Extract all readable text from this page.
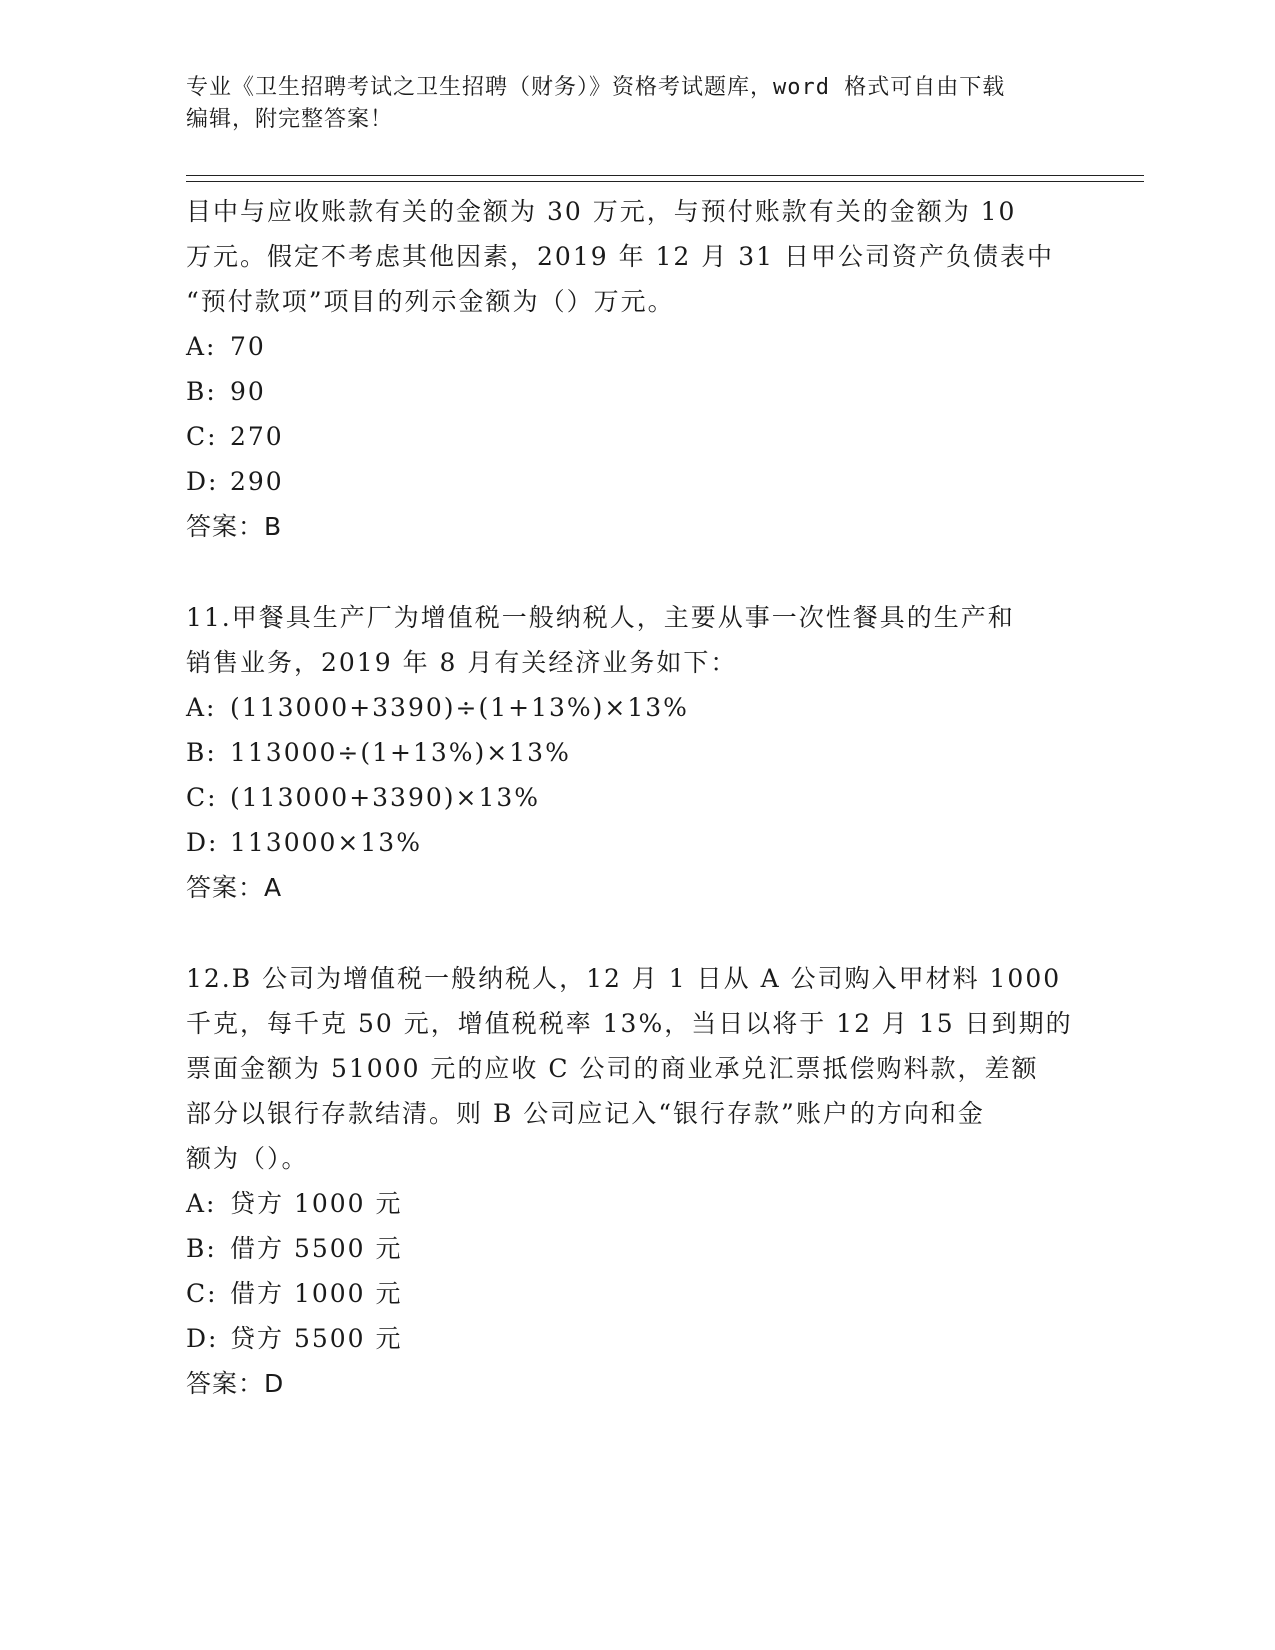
专业《卫生招聘考试之卫生招聘（财务）》资格考试题库，word 格式可自由下载
编辑，附完整答案！
目中与应收账款有关的金额为 30 万元，与预付账款有关的金额为 10
万元。假定不考虑其他因素，2019 年 12 月 31 日甲公司资产负债表中
“预付款项”项目的列示金额为（）万元。
A: 70
B: 90
C: 270
D: 290
答案：B
11.甲餐具生产厂为增值税一般纳税人，主要从事一次性餐具的生产和
销售业务，2019 年 8 月有关经济业务如下：
A: (113000+3390)÷(1+13%)×13%
B: 113000÷(1+13%)×13%
C: (113000+3390)×13%
D: 113000×13%
答案：A
12.B 公司为增值税一般纳税人，12 月 1 日从 A 公司购入甲材料 1000
千克，每千克 50 元，增值税税率 13%，当日以将于 12 月 15 日到期的
票面金额为 51000 元的应收 C 公司的商业承兑汇票抵偿购料款，差额
部分以银行存款结清。则 B 公司应记入“银行存款”账户的方向和金
额为（）。
A: 贷方 1000 元
B: 借方 5500 元
C: 借方 1000 元
D: 贷方 5500 元
答案：D
